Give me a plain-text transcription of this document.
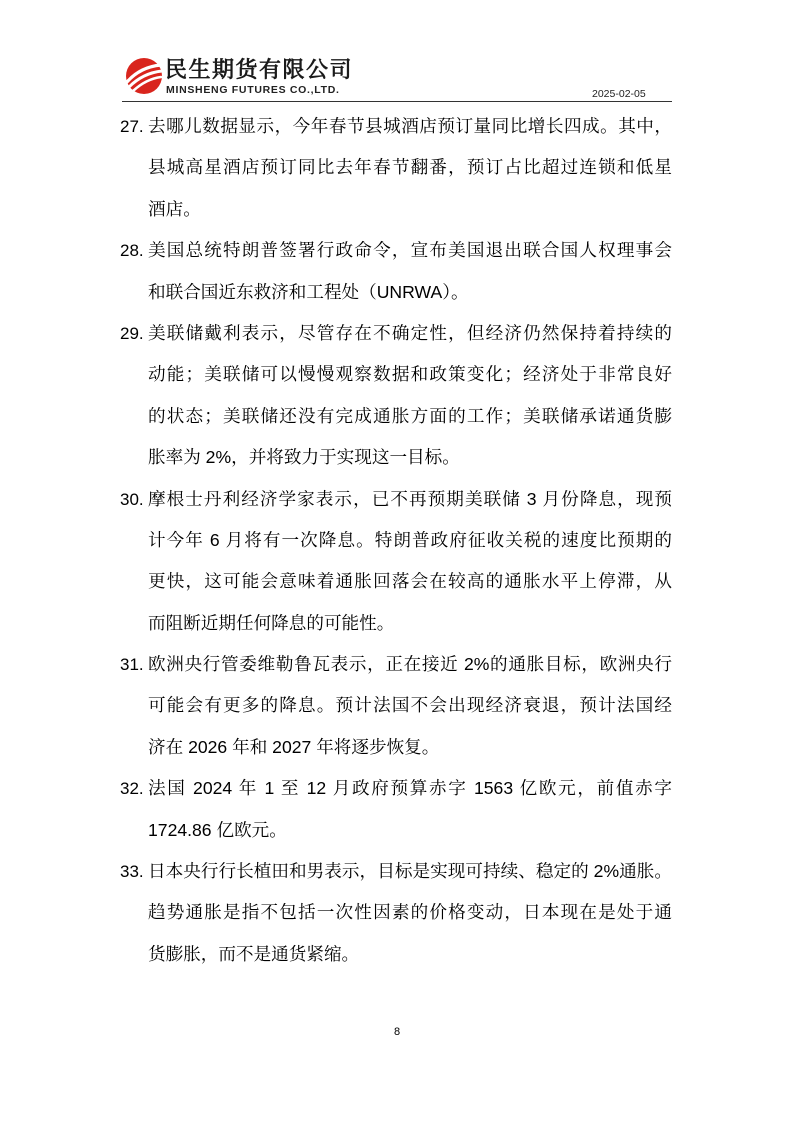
民生期货有限公司
MINSHENG FUTURES CO.,LTD.	2025-02-05
27. 去哪儿数据显示，今年春节县城酒店预订量同比增长四成。其中，
县城高星酒店预订同比去年春节翻番，预订占比超过连锁和低星
酒店。
28. 美国总统特朗普签署行政命令，宣布美国退出联合国人权理事会
和联合国近东救济和工程处（UNRWA）。
29. 美联储戴利表示，尽管存在不确定性，但经济仍然保持着持续的
动能；美联储可以慢慢观察数据和政策变化；经济处于非常良好
的状态；美联储还没有完成通胀方面的工作；美联储承诺通货膨
胀率为 2%，并将致力于实现这一目标。
30. 摩根士丹利经济学家表示，已不再预期美联储 3 月份降息，现预
计今年 6 月将有一次降息。特朗普政府征收关税的速度比预期的
更快，这可能会意味着通胀回落会在较高的通胀水平上停滞，从
而阻断近期任何降息的可能性。
31. 欧洲央行管委维勒鲁瓦表示，正在接近 2%的通胀目标，欧洲央行
可能会有更多的降息。预计法国不会出现经济衰退，预计法国经
济在 2026 年和 2027 年将逐步恢复。
32. 法国 2024 年 1 至 12 月政府预算赤字 1563 亿欧元，前值赤字
1724.86 亿欧元。
33. 日本央行行长植田和男表示，目标是实现可持续、稳定的 2%通胀。
趋势通胀是指不包括一次性因素的价格变动，日本现在是处于通
货膨胀，而不是通货紧缩。
8
